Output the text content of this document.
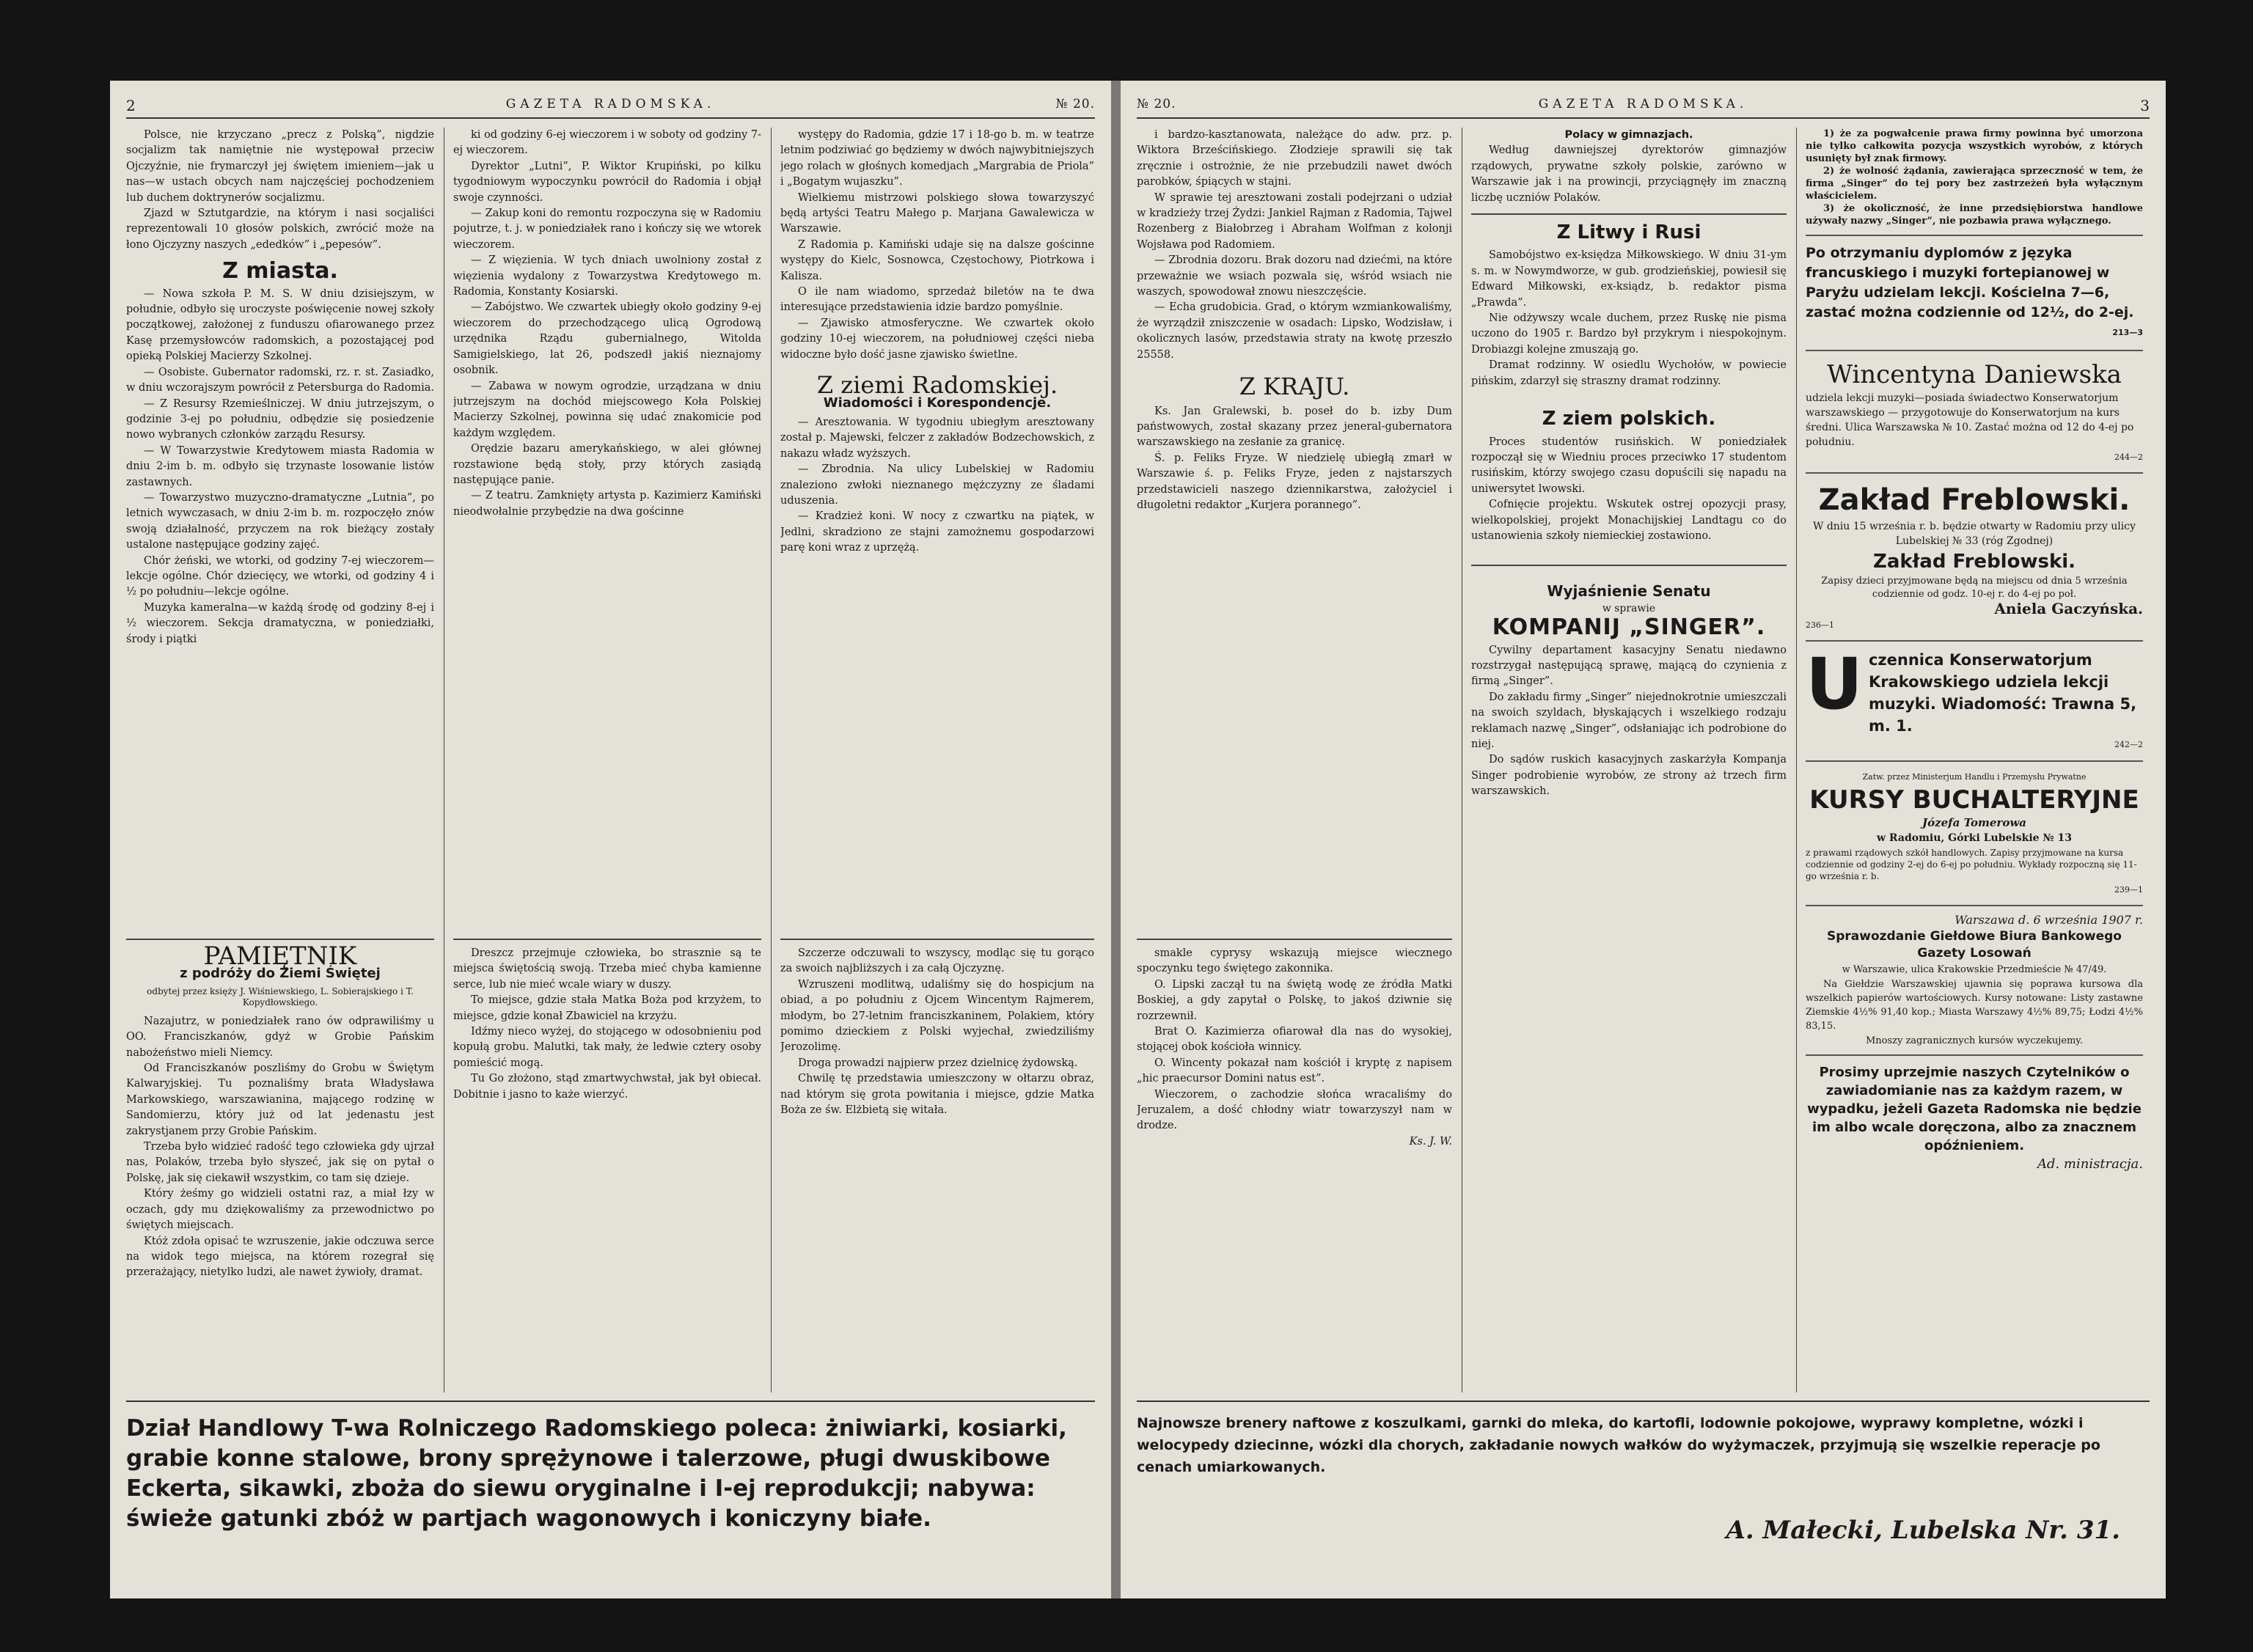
2	GAZETA RADOMSKA.	№ 20.

Polsce, nie krzyczano „precz z Polską”, nigdzie socjalizm tak namiętnie nie występował przeciw Ojczyźnie, nie frymarczył jej świętem imieniem—jak u nas—w ustach obcych nam najczęściej pochodzeniem lub duchem doktrynerów socjalizmu.

Zjazd w Sztutgardzie, na którym i nasi socjaliści reprezentowali 10 głosów polskich, zwrócić może na łono Ojczyzny naszych „ededków” i „pepesów”.

Z miasta.

— Nowa szkoła P. M. S. W dniu dzisiejszym, w południe, odbyło się uroczyste poświęcenie nowej szkoły początkowej, założonej z funduszu ofiarowanego przez Kasę przemysłowców radomskich, a pozostającej pod opieką Polskiej Macierzy Szkolnej.

— Osobiste. Gubernator radomski, rz. r. st. Zasiadko, w dniu wczorajszym powrócił z Petersburga do Radomia.

— Z Resursy Rzemieślniczej. W dniu jutrzejszym, o godzinie 3-ej po południu, odbędzie się posiedzenie nowo wybranych członków zarządu Resursy.

— W Towarzystwie Kredytowem miasta Radomia w dniu 2-im b. m. odbyło się trzynaste losowanie listów zastawnych.

— Towarzystwo muzyczno-dramatyczne „Lutnia”, po letnich wywczasach, w dniu 2-im b. m. rozpoczęło znów swoją działalność, przyczem na rok bieżący zostały ustalone następujące godziny zajęć.

Chór żeński, we wtorki, od godziny 7-ej wieczorem—lekcje ogólne. Chór dziecięcy, we wtorki, od godziny 4 i ½ po południu—lekcje ogólne.

Muzyka kameralna—w każdą środę od godziny 8-ej i ½ wieczorem. Sekcja dramatyczna, w poniedziałki, środy i piątki

PAMIĘTNIK
z podróży do Ziemi Świętej
odbytej przez księży J. Wiśniewskiego, L. Sobierajskiego i T. Kopydłowskiego.

Nazajutrz, w poniedziałek rano ów odprawiliśmy u OO. Franciszkanów, gdyż w Grobie Pańskim nabożeństwo mieli Niemcy.

Od Franciszkanów poszliśmy do Grobu w Świętym Kalwaryjskiej. Tu poznaliśmy brata Władysława Markowskiego, warszawianina, mającego rodzinę w Sandomierzu, który już od lat jedenastu jest zakrystjanem przy Grobie Pańskim.

Trzeba było widzieć radość tego człowieka gdy ujrzał nas, Polaków, trzeba było słyszeć, jak się on pytał o Polskę, jak się ciekawił wszystkim, co tam się dzieje.

Który żeśmy go widzieli ostatni raz, a miał łzy w oczach, gdy mu dziękowaliśmy za przewodnictwo po świętych miejscach.

Któż zdoła opisać te wzruszenie, jakie odczuwa serce na widok tego miejsca, na którem rozegrał się przerażający, nietylko ludzi, ale nawet żywioły, dramat.

ki od godziny 6-ej wieczorem i w soboty od godziny 7-ej wieczorem.

Dyrektor „Lutni”, P. Wiktor Krupiński, po kilku tygodniowym wypoczynku powrócił do Radomia i objął swoje czynności.

— Zakup koni do remontu rozpoczyna się w Radomiu pojutrze, t. j. w poniedziałek rano i kończy się we wtorek wieczorem.

— Z więzienia. W tych dniach uwolniony został z więzienia wydalony z Towarzystwa Kredytowego m. Radomia, Konstanty Kosiarski.

— Zabójstwo. We czwartek ubiegły około godziny 9-ej wieczorem do przechodzącego ulicą Ogrodową urzędnika Rządu gubernialnego, Witolda Samigielskiego, lat 26, podszedł jakiś nieznajomy osobnik.

— Zabawa w nowym ogrodzie, urządzana w dniu jutrzejszym na dochód miejscowego Koła Polskiej Macierzy Szkolnej, powinna się udać znakomicie pod każdym względem.

Orędzie bazaru amerykańskiego, w alei głównej rozstawione będą stoły, przy których zasiądą następujące panie.

— Z teatru. Zamknięty artysta p. Kazimierz Kamiński nieodwołalnie przybędzie na dwa gościnne

Dreszcz przejmuje człowieka, bo strasznie są te miejsca świętością swoją. Trzeba mieć chyba kamienne serce, lub nie mieć wcale wiary w duszy.

To miejsce, gdzie stała Matka Boża pod krzyżem, to miejsce, gdzie konał Zbawiciel na krzyżu.

Idźmy nieco wyżej, do stojącego w odosobnieniu pod kopułą grobu. Malutki, tak mały, że ledwie cztery osoby pomieścić mogą.

Tu Go złożono, stąd zmartwychwstał, jak był obiecał. Dobitnie i jasno to każe wierzyć.

występy do Radomia, gdzie 17 i 18-go b. m. w teatrze letnim podziwiać go będziemy w dwóch najwybitniejszych jego rolach w głośnych komedjach „Margrabia de Priola” i „Bogatym wujaszku”.

Wielkiemu mistrzowi polskiego słowa towarzyszyć będą artyści Teatru Małego p. Marjana Gawalewicza w Warszawie.

Z Radomia p. Kamiński udaje się na dalsze gościnne występy do Kielc, Sosnowca, Częstochowy, Piotrkowa i Kalisza.

O ile nam wiadomo, sprzedaż biletów na te dwa interesujące przedstawienia idzie bardzo pomyślnie.

— Zjawisko atmosferyczne. We czwartek około godziny 10-ej wieczorem, na południowej części nieba widoczne było dość jasne zjawisko świetlne.

Z ziemi Radomskiej.
Wiadomości i Korespondencje.

— Aresztowania. W tygodniu ubiegłym aresztowany został p. Majewski, felczer z zakładów Bodzechowskich, z nakazu władz wyższych.

— Zbrodnia. Na ulicy Lubelskiej w Radomiu znaleziono zwłoki nieznanego mężczyzny ze śladami uduszenia.

— Kradzież koni. W nocy z czwartku na piątek, w Jedlni, skradziono ze stajni zamożnemu gospodarzowi parę koni wraz z uprzężą.

Szczerze odczuwali to wszyscy, modląc się tu gorąco za swoich najbliższych i za całą Ojczyznę.

Wzruszeni modlitwą, udaliśmy się do hospicjum na obiad, a po południu z Ojcem Wincentym Rajmerem, młodym, bo 27-letnim franciszkaninem, Polakiem, który pomimo dzieckiem z Polski wyjechał, zwiedziliśmy Jerozolimę.

Droga prowadzi najpierw przez dzielnicę żydowską.

Chwilę tę przedstawia umieszczony w ołtarzu obraz, nad którym się grota powitania i miejsce, gdzie Matka Boża ze św. Elżbietą się witała.

Dział Handlowy T-wa Rolniczego Radomskiego poleca: żniwiarki, kosiarki, grabie konne stalowe, brony sprężynowe i talerzowe, pługi dwuskibowe Eckerta, sikawki, zboża do siewu oryginalne i I-ej reprodukcji; nabywa: świeże gatunki zbóż w partjach wagonowych i koniczyny białe.
№ 20.	GAZETA RADOMSKA.	3

i bardzo-kasztanowata, należące do adw. prz. p. Wiktora Brześcińskiego. Złodzieje sprawili się tak zręcznie i ostrożnie, że nie przebudzili nawet dwóch parobków, śpiących w stajni.

W sprawie tej aresztowani zostali podejrzani o udział w kradzieży trzej Żydzi: Jankiel Rajman z Radomia, Tajwel Rozenberg z Białobrzeg i Abraham Wolfman z kolonji Wojsława pod Radomiem.

— Zbrodnia dozoru. Brak dozoru nad dziećmi, na które przeważnie we wsiach pozwala się, wśród wsiach nie waszych, spowodował znowu nieszczęście.

— Echa grudobicia. Grad, o którym wzmiankowaliśmy, że wyrządził zniszczenie w osadach: Lipsko, Wodzisław, i okolicznych lasów, przedstawia straty na kwotę przeszło 25558.

Z KRAJU.

Ks. Jan Gralewski, b. poseł do b. izby Dum państwowych, został skazany przez jeneral-gubernatora warszawskiego na zesłanie za granicę.

Ś. p. Feliks Fryze. W niedzielę ubiegłą zmarł w Warszawie ś. p. Feliks Fryze, jeden z najstarszych przedstawicieli naszego dziennikarstwa, założyciel i długoletni redaktor „Kurjera porannego”.

smakle cyprysy wskazują miejsce wiecznego spoczynku tego świętego zakonnika.

O. Lipski zaczął tu na świętą wodę ze źródła Matki Boskiej, a gdy zapytał o Polskę, to jakoś dziwnie się rozrzewnił.

Brat O. Kazimierza ofiarował dla nas do wysokiej, stojącej obok kościoła winnicy.

O. Wincenty pokazał nam kościół i kryptę z napisem „hic praecursor Domini natus est”.

Wieczorem, o zachodzie słońca wracaliśmy do Jeruzalem, a dość chłodny wiatr towarzyszył nam w drodze.

Ks. J. W.
Polacy w gimnazjach.

Według dawniejszej dyrektorów gimnazjów rządowych, prywatne szkoły polskie, zarówno w Warszawie jak i na prowincji, przyciągnęły im znaczną liczbę uczniów Polaków.

Z Litwy i Rusi

Samobójstwo ex-księdza Miłkowskiego. W dniu 31-ym s. m. w Nowymdworze, w gub. grodzieńskiej, powiesił się Edward Miłkowski, ex-ksiądz, b. redaktor pisma „Prawda”.

Nie odżywszy wcale duchem, przez Ruskę nie pisma uczono do 1905 r. Bardzo był przykrym i niespokojnym. Drobiazgi kolejne zmuszają go.

Dramat rodzinny. W osiedlu Wychołów, w powiecie pińskim, zdarzył się straszny dramat rodzinny.

Z ziem polskich.

Proces studentów rusińskich. W poniedziałek rozpoczął się w Wiedniu proces przeciwko 17 studentom rusińskim, którzy swojego czasu dopuścili się napadu na uniwersytet lwowski.

Cofnięcie projektu. Wskutek ostrej opozycji prasy, wielkopolskiej, projekt Monachijskiej Landtagu co do ustanowienia szkoły niemieckiej zostawiono.

Wyjaśnienie Senatu
w sprawie
KOMPANIJ „SINGER”.

Cywilny departament kasacyjny Senatu niedawno rozstrzygał następującą sprawę, mającą do czynienia z firmą „Singer”.

Do zakładu firmy „Singer” niejednokrotnie umieszczali na swoich szyldach, błyskających i wszelkiego rodzaju reklamach nazwę „Singer”, odsłaniając ich podrobione do niej.

Do sądów ruskich kasacyjnych zaskarżyła Kompanja Singer podrobienie wyrobów, ze strony aż trzech firm warszawskich.

1) że za pogwałcenie prawa firmy powinna być umorzona nie tylko całkowita pozycja wszystkich wyrobów, z których usunięty był znak firmowy.

2) że wolność żądania, zawierająca sprzeczność w tem, że firma „Singer” do tej pory bez zastrzeżeń była wyłącznym właścicielem.

3) że okoliczność, że inne przedsiębiorstwa handlowe używały nazwy „Singer”, nie pozbawia prawa wyłącznego.

Po otrzymaniu dyplomów z języka francuskiego i muzyki fortepianowej w Paryżu udzielam lekcji. Kościelna 7—6, zastać można codziennie od 12½, do 2-ej.
213—3
Wincentyna Daniewska
udziela lekcji muzyki—posiada świadectwo Konserwatorjum warszawskiego — przygotowuje do Konserwatorjum na kurs średni. Ulica Warszawska № 10. Zastać można od 12 do 4-ej po południu.
244—2
Zakład Freblowski.
W dniu 15 września r. b. będzie otwarty w Radomiu przy ulicy Lubelskiej № 33 (róg Zgodnej)
Zakład Freblowski.
Zapisy dzieci przyjmowane będą na miejscu od dnia 5 września codziennie od godz. 10-ej r. do 4-ej po poł.
Aniela Gaczyńska.
236—1
U czennica Konserwatorjum Krakowskiego udziela lekcji muzyki. Wiadomość: Trawna 5, m. 1.
242—2
Zatw. przez Ministerjum Handlu i Przemysłu Prywatne
KURSY BUCHALTERYJNE
Józefa Tomerowa
w Radomiu, Górki Lubelskie № 13
z prawami rządowych szkół handlowych. Zapisy przyjmowane na kursa codziennie od godziny 2-ej do 6-ej po południu. Wykłady rozpoczną się 11-go września r. b.
239—1
Warszawa d. 6 września 1907 r.
Sprawozdanie Giełdowe Biura Bankowego Gazety Losowań
w Warszawie, ulica Krakowskie Przedmieście № 47/49.

Na Giełdzie Warszawskiej ujawnia się poprawa kursowa dla wszelkich papierów wartościowych. Kursy notowane: Listy zastawne Ziemskie 4½% 91,40 kop.; Miasta Warszawy 4½% 89,75; Łodzi 4½% 83,15.

Mnoszy zagranicznych kursów wyczekujemy.
Prosimy uprzejmie naszych Czytelników o zawiadomianie nas za każdym razem, w wypadku, jeżeli Gazeta Radomska nie będzie im albo wcale doręczona, albo za znacznem opóźnieniem.
Ad. ministracja.
Najnowsze brenery naftowe z koszulkami, garnki do mleka, do kartofli, lodownie pokojowe, wyprawy kompletne, wózki i welocypedy dziecinne, wózki dla chorych, zakładanie nowych wałków do wyżymaczek, przyjmują się wszelkie reperacje po cenach umiarkowanych.
A. Małecki, Lubelska Nr. 31.
